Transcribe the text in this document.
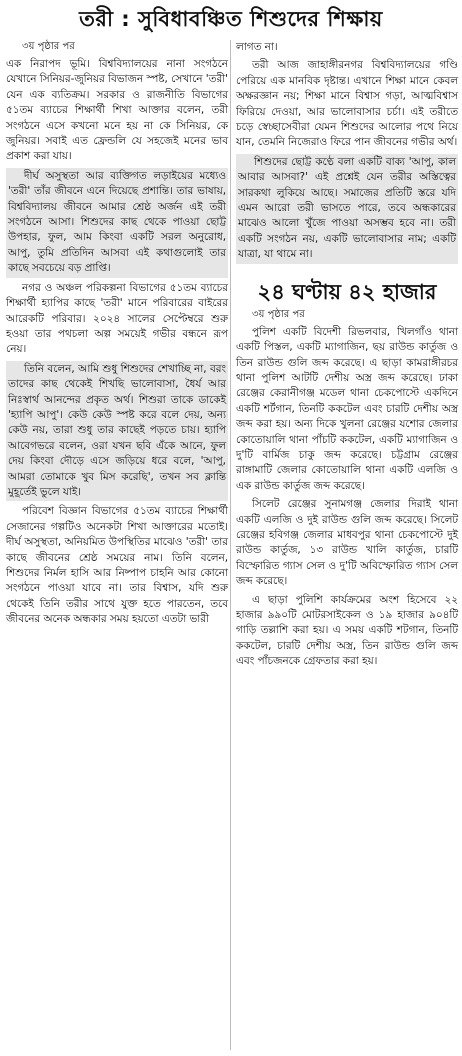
তরী : সুবিধাবঞ্চিত শিশুদের শিক্ষায়

৩য় পৃষ্ঠার পর

এক নিরাপদ ভূমি। বিশ্ববিদ্যালয়ের নানা সংগঠনে যেখানে সিনিয়র-জুনিয়র বিভাজন স্পষ্ট, সেখানে 'তরী' যেন এক ব্যতিক্রম। সরকার ও রাজনীতি বিভাগের ৫১তম ব্যাচের শিক্ষার্থী শিখা আক্তার বলেন, তরী সংগঠনে এসে কখনো মনে হয় না কে সিনিয়র, কে জুনিয়র। সবাই এত ফ্রেন্ডলি যে সহজেই মনের ভাব প্রকাশ করা যায়।

দীর্ঘ অসুস্থতা আর ব্যক্তিগত লড়াইয়ের মধ্যেও 'তরী' তাঁর জীবনে এনে দিয়েছে প্রশান্তি। তার ভাষায়, বিশ্ববিদ্যালয় জীবনে আমার শ্রেষ্ঠ অর্জন এই তরী সংগঠনে আসা। শিশুদের কাছ থেকে পাওয়া ছোট্ট উপহার, ফুল, আম কিংবা একটি সরল অনুরোধ, আপু, তুমি প্রতিদিন আসবা এই কথাগুলোই তার কাছে সবচেয়ে বড় প্রাপ্তি।

নগর ও অঞ্চল পরিকল্পনা বিভাগের ৫১তম ব্যাচের শিক্ষার্থী হ্যাপির কাছে 'তরী' মানে পরিবারের বাইরের আরেকটি পরিবার। ২০২৪ সালের সেপ্টেম্বরে শুরু হওয়া তার পথচলা অল্প সময়েই গভীর বন্ধনে রূপ নেয়।

তিনি বলেন, আমি শুধু শিশুদের শেখাচ্ছি না, বরং তাদের কাছ থেকেই শিখছি ভালোবাসা, ধৈর্য আর নিঃস্বার্থ আনন্দের প্রকৃত অর্থ। শিশুরা তাকে ডাকেই 'হ্যাপি আপু'। কেউ কেউ স্পষ্ট করে বলে দেয়, অন্য কেউ নয়, তারা শুধু তার কাছেই পড়তে চায়। হ্যাপি আবেগভরে বলেন, ওরা যখন ছবি এঁকে আনে, ফুল দেয় কিংবা দৌড়ে এসে জড়িয়ে ধরে বলে, 'আপু, আমরা তোমাকে খুব মিস করেছি', তখন সব ক্লান্তি মুহূর্তেই ভুলে যাই।

পরিবেশ বিজ্ঞান বিভাগের ৫১তম ব্যাচের শিক্ষার্থী সেজানের গল্পটিও অনেকটা শিখা আক্তারের মতোই। দীর্ঘ অসুস্থতা, অনিয়মিত উপস্থিতির মাঝেও 'তরী' তার কাছে জীবনের শ্রেষ্ঠ সময়ের নাম। তিনি বলেন, শিশুদের নির্মল হাসি আর নিষ্পাপ চাহনি আর কোনো সংগঠনে পাওয়া যাবে না। তার বিশ্বাস, যদি শুরু থেকেই তিনি তরীর সাথে যুক্ত হতে পারতেন, তবে জীবনের অনেক অন্ধকার সময় হয়তো এতটা ভারী

লাগত না।

তরী আজ জাহাঙ্গীরনগর বিশ্ববিদ্যালয়ের গণ্ডি পেরিয়ে এক মানবিক দৃষ্টান্ত। এখানে শিক্ষা মানে কেবল অক্ষরজ্ঞান নয়; শিক্ষা মানে বিশ্বাস গড়া, আত্মবিশ্বাস ফিরিয়ে দেওয়া, আর ভালোবাসার চর্চা। এই তরীতে চড়ে স্বেচ্ছাসেবীরা যেমন শিশুদের আলোর পথে নিয়ে যান, তেমনি নিজেরাও ফিরে পান জীবনের গভীর অর্থ।

শিশুদের ছোট্ট কণ্ঠে বলা একটি বাক্য 'আপু, কাল আবার আসবা?' এই প্রশ্নেই যেন তরীর অস্তিত্বের সারকথা লুকিয়ে আছে। সমাজের প্রতিটি স্তরে যদি এমন আরো তরী ভাসতে পারে, তবে অন্ধকারের মাঝেও আলো খুঁজে পাওয়া অসম্ভব হবে না। তরী একটি সংগঠন নয়, একটি ভালোবাসার নাম; একটি যাত্রা, যা থামে না।

২৪ ঘণ্টায় ৪২ হাজার

৩য় পৃষ্ঠার পর

পুলিশ একটি বিদেশী রিভলবার, খিলগাঁও থানা একটি পিস্তল, একটি ম্যাগাজিন, ছয় রাউন্ড কার্তুজ ও তিন রাউন্ড গুলি জব্দ করেছে। এ ছাড়া কামরাঙ্গীরচর থানা পুলিশ আটটি দেশীয় অস্ত্র জব্দ করেছে। ঢাকা রেঞ্জের কেরানীগঞ্জ মডেল থানা চেকপোস্টে একদিনে একটি শর্টগান, তিনটি ককটেল এবং চারটি দেশীয় অস্ত্র জব্দ করা হয়। অন্য দিকে খুলনা রেঞ্জের যশোর জেলার কোতোয়ালি থানা পাঁচটি ককটেল, একটি ম্যাগাজিন ও দু'টি বার্মিজ চাকু জব্দ করেছে। চট্টগ্রাম রেঞ্জের রাঙ্গামাটি জেলার কোতোয়ালি থানা একটি এলজি ও এক রাউন্ড কার্তুজ জব্দ করেছে।

সিলেট রেঞ্জের সুনামগঞ্জ জেলার দিরাই থানা একটি এলজি ও দুই রাউন্ড গুলি জব্দ করেছে। সিলেট রেঞ্জের হবিগঞ্জ জেলার মাধবপুর থানা চেকপোস্টে দুই রাউন্ড কার্তুজ, ১৩ রাউন্ড খালি কার্তুজ, চারটি বিস্ফোরিত গ্যাস সেল ও দু'টি অবিস্ফোরিত গ্যাস সেল জব্দ করেছে।

এ ছাড়া পুলিশি কার্যক্রমের অংশ হিসেবে ২২ হাজার ৯৯০টি মোটরসাইকেল ও ১৯ হাজার ৯০৪টি গাড়ি তল্লাশি করা হয়। এ সময় একটি শটগান, তিনটি ককটেল, চারটি দেশীয় অস্ত্র, তিন রাউন্ড গুলি জব্দ এবং পাঁচজনকে গ্রেফতার করা হয়।
